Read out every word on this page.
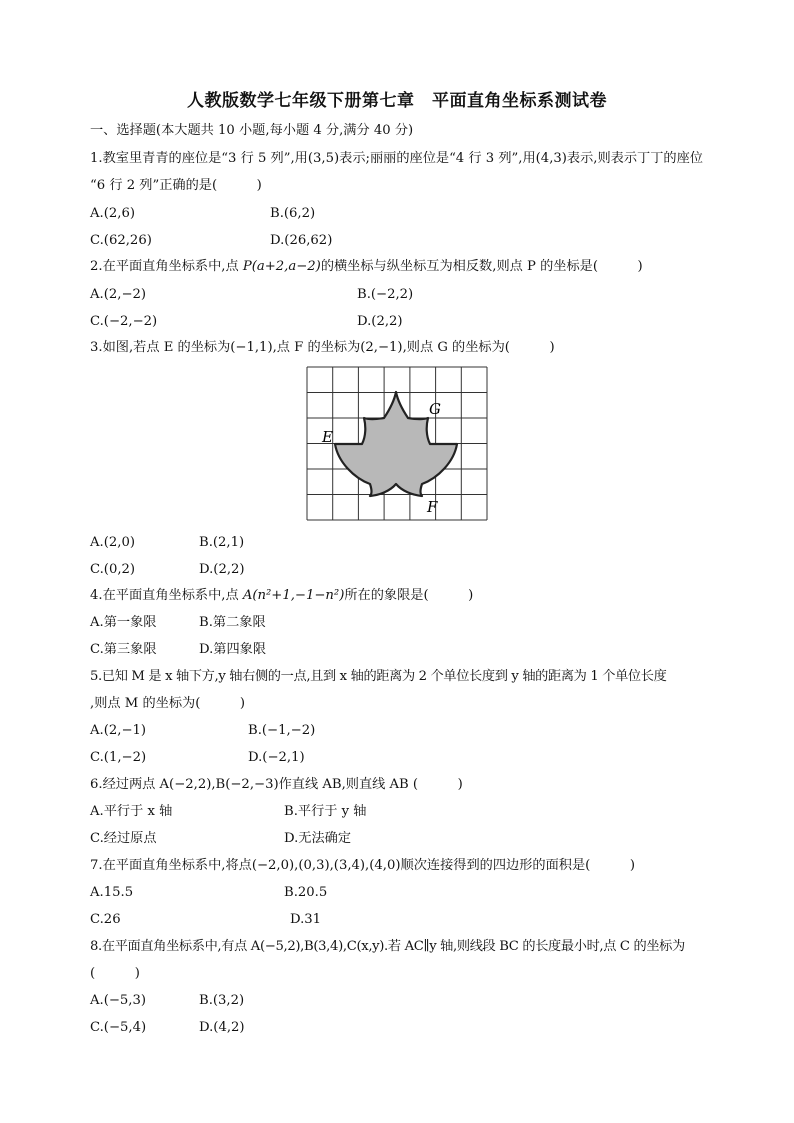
人教版数学七年级下册第七章　平面直角坐标系测试卷
一、选择题(本大题共 10 小题,每小题 4 分,满分 40 分)
1.教室里青青的座位是“3 行 5 列”,用(3,5)表示;丽丽的座位是“4 行 3 列”,用(4,3)表示,则表示丁丁的座位
“6 行 2 列”正确的是(　　　)
A.(2,6)	B.(6,2)
C.(62,26)	D.(26,62)
2.在平面直角坐标系中,点 P(a+2,a−2)的横坐标与纵坐标互为相反数,则点 P 的坐标是(　　　)
A.(2,−2)	B.(−2,2)
C.(−2,−2)	D.(2,2)
3.如图,若点 E 的坐标为(−1,1),点 F 的坐标为(2,−1),则点 G 的坐标为(　　　)
G
E
F
A.(2,0)	B.(2,1)
C.(0,2)	D.(2,2)
4.在平面直角坐标系中,点 A(n²+1,−1−n²)所在的象限是(　　　)
A.第一象限	B.第二象限
C.第三象限	D.第四象限
5.已知 M 是 x 轴下方,y 轴右侧的一点,且到 x 轴的距离为 2 个单位长度到 y 轴的距离为 1 个单位长度
,则点 M 的坐标为(　　　)
A.(2,−1)	B.(−1,−2)
C.(1,−2)	D.(−2,1)
6.经过两点 A(−2,2),B(−2,−3)作直线 AB,则直线 AB (　　　)
A.平行于 x 轴	B.平行于 y 轴
C.经过原点	D.无法确定
7.在平面直角坐标系中,将点(−2,0),(0,3),(3,4),(4,0)顺次连接得到的四边形的面积是(　　　)
A.15.5	B.20.5
C.26	D.31
8.在平面直角坐标系中,有点 A(−5,2),B(3,4),C(x,y).若 AC∥y 轴,则线段 BC 的长度最小时,点 C 的坐标为
(　　　)
A.(−5,3)	B.(3,2)
C.(−5,4)	D.(4,2)
